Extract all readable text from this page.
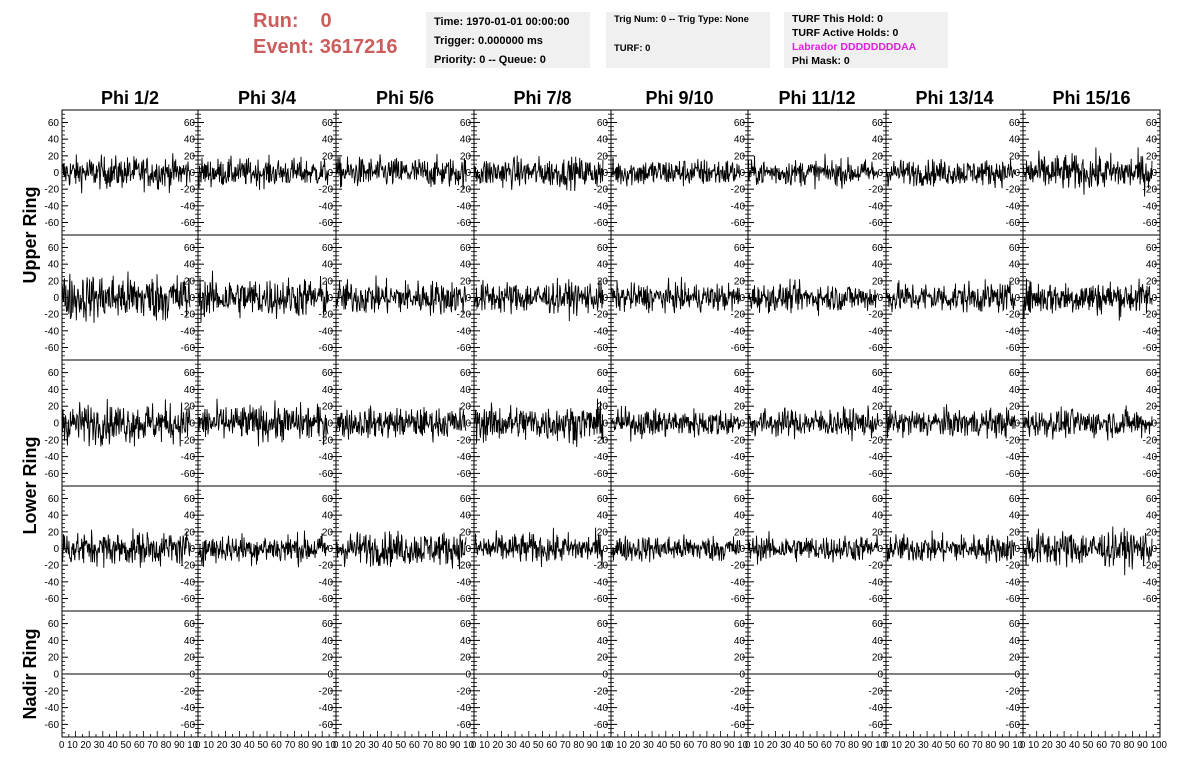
Run: 0
Event: 3617216
Time: 1970-01-01 00:00:00
Trigger: 0.000000 ms
Priority: 0 -- Queue: 0
Trig Num: 0 -- Trig Type: None
TURF: 0
TURF This Hold: 0
TURF Active Holds: 0
Labrador DDDDDDDDAA
Phi Mask: 0
Phi 1/2	Phi 3/4	Phi 5/6	Phi 7/8	Phi 9/10	Phi 11/12	Phi 13/14	Phi 15/16
Upper Ring
Lower Ring
Nadir Ring
-60	-60
-40	-40
-20	-20
0	0
20	20
40	40
60	60
-60
-40
-20
0
20
40
60
-60
-40
-20
0
20
40
60
-60
-40
-20
0
20
40
60
-60
-40
-20
0
20
40
60
-60
-40
-20
0
20
40
60
-60
-40
-20
0
20
40
60
-60
-40
-20
0
20
40
60
-60	-60
-40	-40
-20	-20
0	0
20	20
40	40
60	60
-60
-40
-20
0
20
40
60
-60
-40
-20
0
20
40
60
-60
-40
-20
0
20
40
60
-60
-40
-20
0
20
40
60
-60
-40
-20
0
20
40
60
-60
-40
-20
0
20
40
60
-60
-40
-20
0
20
40
60
-60	-60
-40	-40
-20	-20
0	0
20	20
40	40
60	60
-60
-40
-20
0
20
40
60
-60
-40
-20
0
20
40
60
-60
-40
-20
0
20
40
60
-60
-40
-20
0
20
40
60
-60
-40
-20
0
20
40
60
-60
-40
-20
0
20
40
60
-60
-40
-20
0
20
40
60
-60	-60
-40	-40
-20	-20
0	0
20	20
40	40
60	60
-60
-40
-20
0
20
40
60
-60
-40
-20
0
20
40
60
-60
-40
-20
0
20
40
60
-60
-40
-20
0
20
40
60
-60
-40
-20
0
20
40
60
-60
-40
-20
0
20
40
60
-60
-40
-20
0
20
40
60
-60	-60
-40	-40
-20	-20
0	0
20	20
40	40
60	60
-60
-40
-20
0
20
40
60
-60
-40
-20
0
20
40
60
-60
-40
-20
0
20
40
60
-60
-40
-20
0
20
40
60
-60
-40
-20
0
20
40
60
-60
-40
-20
0
20
40
60
0 10 20 30 40 50 60 70 80 90 10
0 10 20 30 40 50 60 70 80 90 10
0 10 20 30 40 50 60 70 80 90 10
0 10 20 30 40 50 60 70 80 90 10
0 10 20 30 40 50 60 70 80 90 10
0 10 20 30 40 50 60 70 80 90 10
0 10 20 30 40 50 60 70 80 90 10
0 10 20 30 40 50 60 70 80 90 100
